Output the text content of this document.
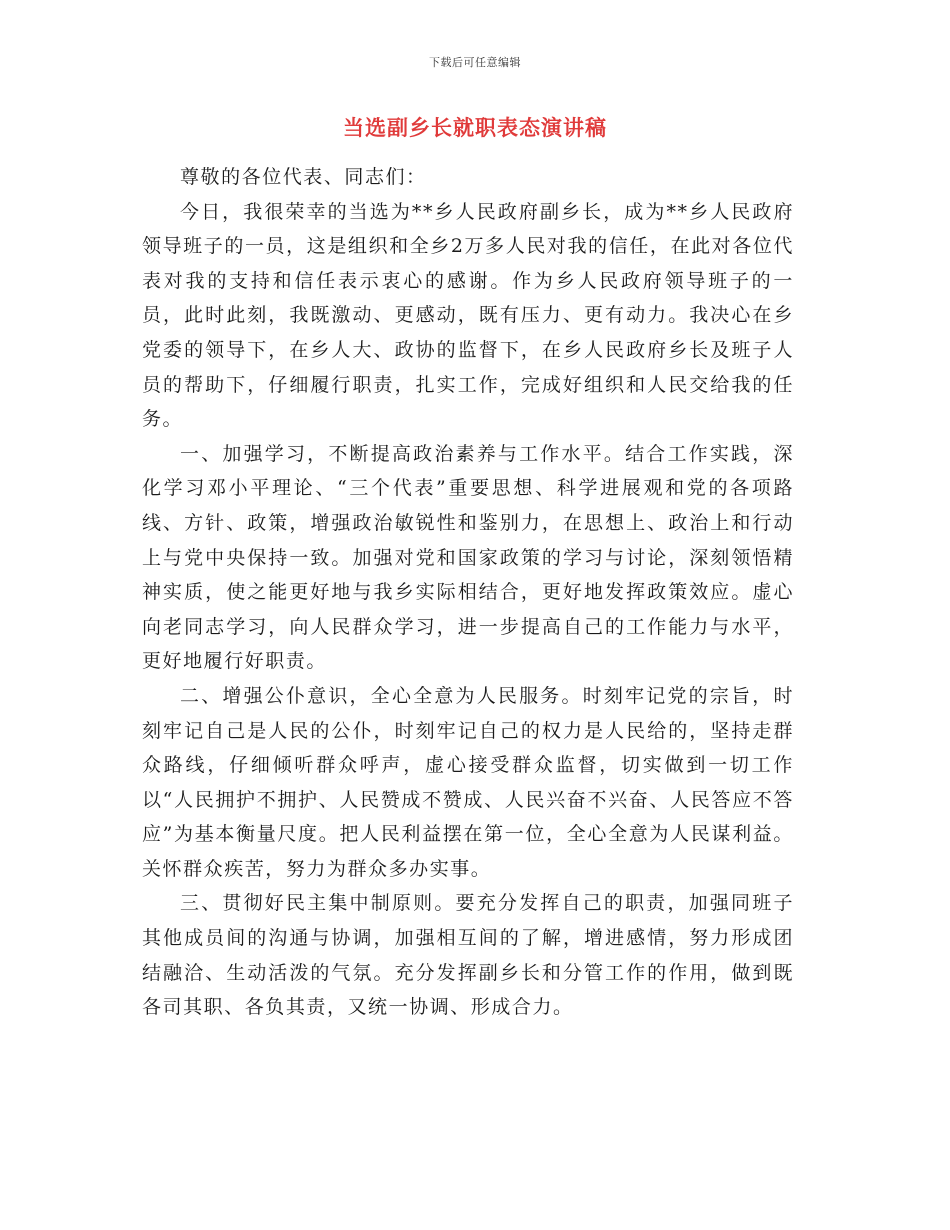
下载后可任意编辑
当选副乡长就职表态演讲稿

尊敬的各位代表、同志们：

今日，我很荣幸的当选为**乡人民政府副乡长，成为**乡人民政府领导班子的一员，这是组织和全乡2万多人民对我的信任，在此对各位代表对我的支持和信任表示衷心的感谢。作为乡人民政府领导班子的一员，此时此刻，我既激动、更感动，既有压力、更有动力。我决心在乡党委的领导下，在乡人大、政协的监督下，在乡人民政府乡长及班子人员的帮助下，仔细履行职责，扎实工作，完成好组织和人民交给我的任务。

一、加强学习，不断提高政治素养与工作水平。结合工作实践，深化学习邓小平理论、“三个代表”重要思想、科学进展观和党的各项路线、方针、政策，增强政治敏锐性和鉴别力，在思想上、政治上和行动上与党中央保持一致。加强对党和国家政策的学习与讨论，深刻领悟精神实质，使之能更好地与我乡实际相结合，更好地发挥政策效应。虚心向老同志学习，向人民群众学习，进一步提高自己的工作能力与水平，更好地履行好职责。

二、增强公仆意识，全心全意为人民服务。时刻牢记党的宗旨，时刻牢记自己是人民的公仆，时刻牢记自己的权力是人民给的，坚持走群众路线，仔细倾听群众呼声，虚心接受群众监督，切实做到一切工作以“人民拥护不拥护、人民赞成不赞成、人民兴奋不兴奋、人民答应不答应”为基本衡量尺度。把人民利益摆在第一位，全心全意为人民谋利益。关怀群众疾苦，努力为群众多办实事。

三、贯彻好民主集中制原则。要充分发挥自己的职责，加强同班子其他成员间的沟通与协调，加强相互间的了解，增进感情，努力形成团结融洽、生动活泼的气氛。充分发挥副乡长和分管工作的作用，做到既各司其职、各负其责，又统一协调、形成合力。
